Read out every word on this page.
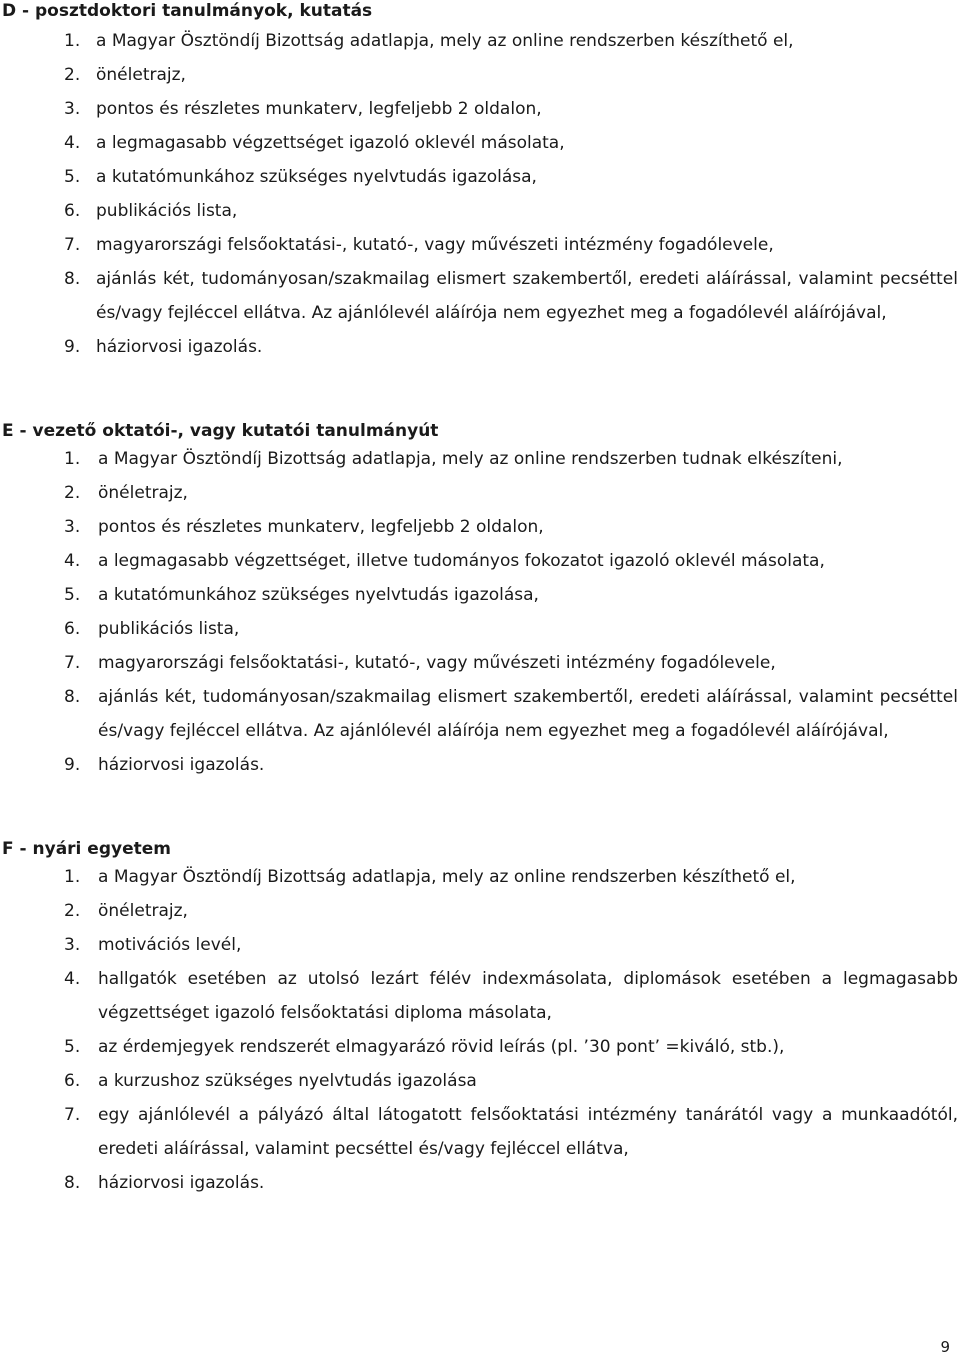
D - posztdoktori tanulmányok, kutatás
1. a Magyar Ösztöndíj Bizottság adatlapja, mely az online rendszerben készíthető el,
2. önéletrajz,
3. pontos és részletes munkaterv, legfeljebb 2 oldalon,
4. a legmagasabb végzettséget igazoló oklevél másolata,
5. a kutatómunkához szükséges nyelvtudás igazolása,
6. publikációs lista,
7. magyarországi felsőoktatási-, kutató-, vagy művészeti intézmény fogadólevele,
8. ajánlás két, tudományosan/szakmailag elismert szakembertől, eredeti aláírással, valamint pecséttel és/vagy fejléccel ellátva. Az ajánlólevél aláírója nem egyezhet meg a fogadólevél aláírójával,
9. háziorvosi igazolás.
E - vezető oktatói-, vagy kutatói tanulmányút
1. a Magyar Ösztöndíj Bizottság adatlapja, mely az online rendszerben tudnak elkészíteni,
2. önéletrajz,
3. pontos és részletes munkaterv, legfeljebb 2 oldalon,
4. a legmagasabb végzettséget, illetve tudományos fokozatot igazoló oklevél másolata,
5. a kutatómunkához szükséges nyelvtudás igazolása,
6. publikációs lista,
7. magyarországi felsőoktatási-, kutató-, vagy művészeti intézmény fogadólevele,
8. ajánlás két, tudományosan/szakmailag elismert szakembertől, eredeti aláírással, valamint pecséttel és/vagy fejléccel ellátva. Az ajánlólevél aláírója nem egyezhet meg a fogadólevél aláírójával,
9. háziorvosi igazolás.
F - nyári egyetem
1. a Magyar Ösztöndíj Bizottság adatlapja, mely az online rendszerben készíthető el,
2. önéletrajz,
3. motivációs levél,
4. hallgatók esetében az utolsó lezárt félév indexmásolata, diplomások esetében a legmagasabb végzettséget igazoló felsőoktatási diploma másolata,
5. az érdemjegyek rendszerét elmagyarázó rövid leírás (pl. ’30 pont’ =kiváló, stb.),
6. a kurzushoz szükséges nyelvtudás igazolása
7. egy ajánlólevél a pályázó által látogatott felsőoktatási intézmény tanárától vagy a munkaadótól, eredeti aláírással, valamint pecséttel és/vagy fejléccel ellátva,
8. háziorvosi igazolás.
9
